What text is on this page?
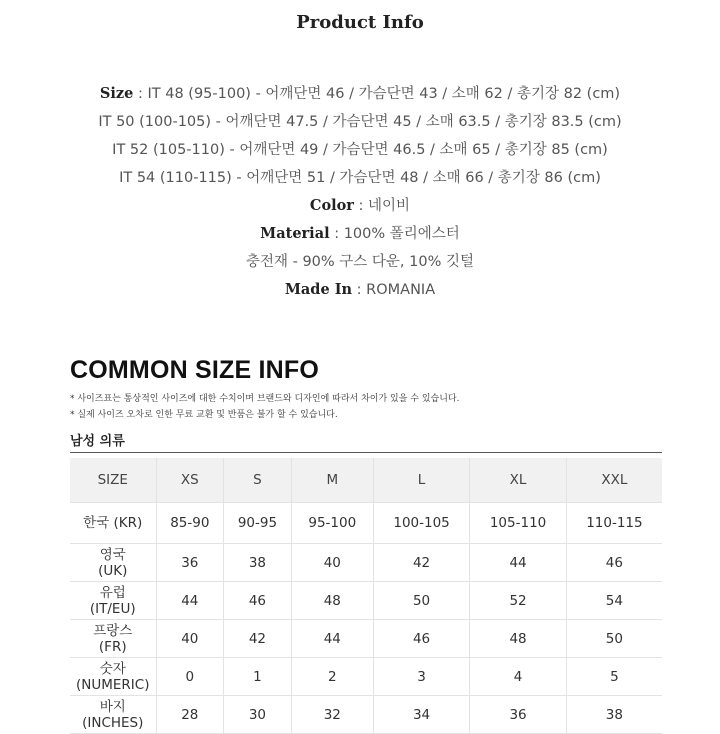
Product Info
Size : IT 48 (95-100) - 어깨단면 46 / 가슴단면 43 / 소매 62 / 총기장 82 (cm)
IT 50 (100-105) - 어깨단면 47.5 / 가슴단면 45 / 소매 63.5 / 총기장 83.5 (cm)
IT 52 (105-110) - 어깨단면 49 / 가슴단면 46.5 / 소매 65 / 총기장 85 (cm)
IT 54 (110-115) - 어깨단면 51 / 가슴단면 48 / 소매 66 / 총기장 86 (cm)
Color : 네이비
Material : 100% 폴리에스터
충전재 - 90% 구스 다운, 10% 깃털
Made In : ROMANIA
COMMON SIZE INFO
* 사이즈표는 통상적인 사이즈에 대한 수치이며 브랜드와 디자인에 따라서 차이가 있을 수 있습니다.
* 실제 사이즈 오차로 인한 무료 교환 및 반품은 불가 할 수 있습니다.
남성 의류
SIZE	XS	S	M	L	XL	XXL

한국 (KR)	85-90	90-95	95-100	100-105	105-110	110-115

영국
(UK)	36	38	40	42	44	46

유럽
(IT/EU)	44	46	48	50	52	54

프랑스
(FR)	40	42	44	46	48	50

숫자
(NUMERIC)	0	1	2	3	4	5

바지
(INCHES)	28	30	32	34	36	38
